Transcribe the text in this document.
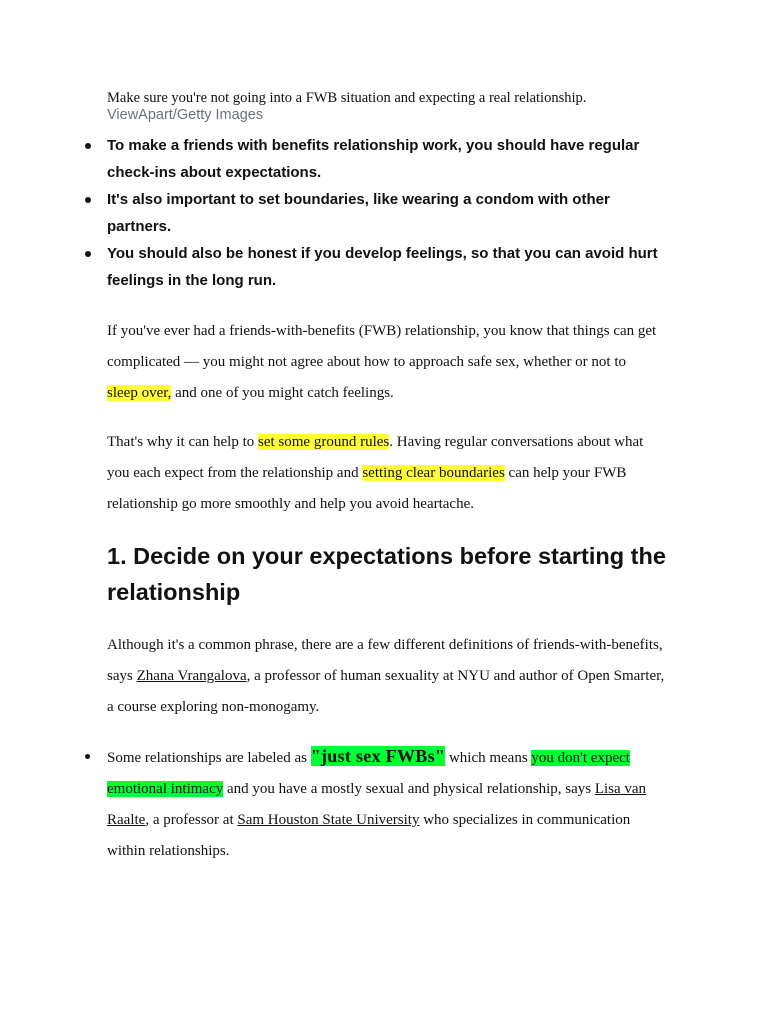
Make sure you're not going into a FWB situation and expecting a real relationship. ViewApart/Getty Images

To make a friends with benefits relationship work, you should have regular check-ins about expectations.
It's also important to set boundaries, like wearing a condom with other partners.
You should also be honest if you develop feelings, so that you can avoid hurt feelings in the long run.

If you've ever had a friends-with-benefits (FWB) relationship, you know that things can get complicated — you might not agree about how to approach safe sex, whether or not to
sleep over, and one of you might catch feelings.

That's why it can help to set some ground rules. Having regular conversations about what you each expect from the relationship and setting clear boundaries can help your FWB relationship go more smoothly and help you avoid heartache.

1. Decide on your expectations before starting the relationship

Although it's a common phrase, there are a few different definitions of friends-with-benefits, says Zhana Vrangalova, a professor of human sexuality at NYU and author of Open Smarter, a course exploring non-monogamy.

Some relationships are labeled as "just sex FWBs" which means you don't expect emotional intimacy and you have a mostly sexual and physical relationship, says Lisa van Raalte, a professor at Sam Houston State University who specializes in communication within relationships.
